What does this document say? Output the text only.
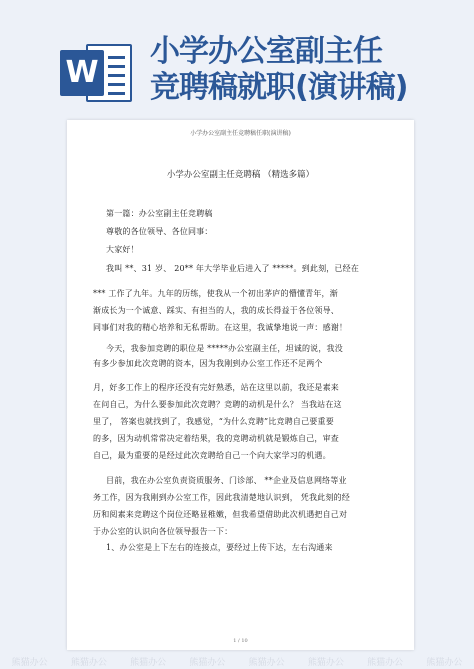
W
小学办公室副主任
竞聘稿就职(演讲稿)
小学办公室副主任竞聘稿任职(演讲稿)
小学办公室副主任竞聘稿 （精选多篇）
第一篇：办公室副主任竞聘稿
尊敬的各位领导、各位同事：
大家好！
我叫 **、31 岁、 20** 年大学毕业后进入了 *****。到此刻，已经在
*** 工作了九年。九年的历练，使我从一个初出茅庐的懵懂青年，渐
渐成长为一个诚意、踩实、有担当的人，我的成长得益于各位领导、
同事们对我的精心培养和无私帮助。在这里，我诚挚地说一声：感谢！
今天，我参加竞聘的职位是 *****办公室副主任，坦诚的说，我没
有多少参加此次竞聘的资本，因为我刚到办公室工作还不足两个
月，好多工作上的程序还没有完好熟悉，站在这里以前，我还是素来
在问自己，为什么要参加此次竞聘？竞聘的动机是什么？ 当我站在这
里了， 答案也就找到了，我感觉，“为什么竞聘”比竞聘自己要重要
的多，因为动机常常决定着结果，我的竞聘动机就是锻炼自己，审查
自己，最为重要的是经过此次竞聘给自己一个向大家学习的机遇。
目前，我在办公室负责资质服务、门诊部、 **企业及信息网络等业
务工作，因为我刚到办公室工作，因此我清楚地认识到， 凭我此刻的经
历和阅素来竞聘这个岗位还略显稚嫩，但我希望借助此次机遇把自己对
于办公室的认识向各位领导报告一下：
1、办公室是上下左右的连接点，要经过上传下达，左右沟通来
1 / 10
熊猫办公	熊猫办公	熊猫办公	熊猫办公	熊猫办公	熊猫办公	熊猫办公	熊猫办公
